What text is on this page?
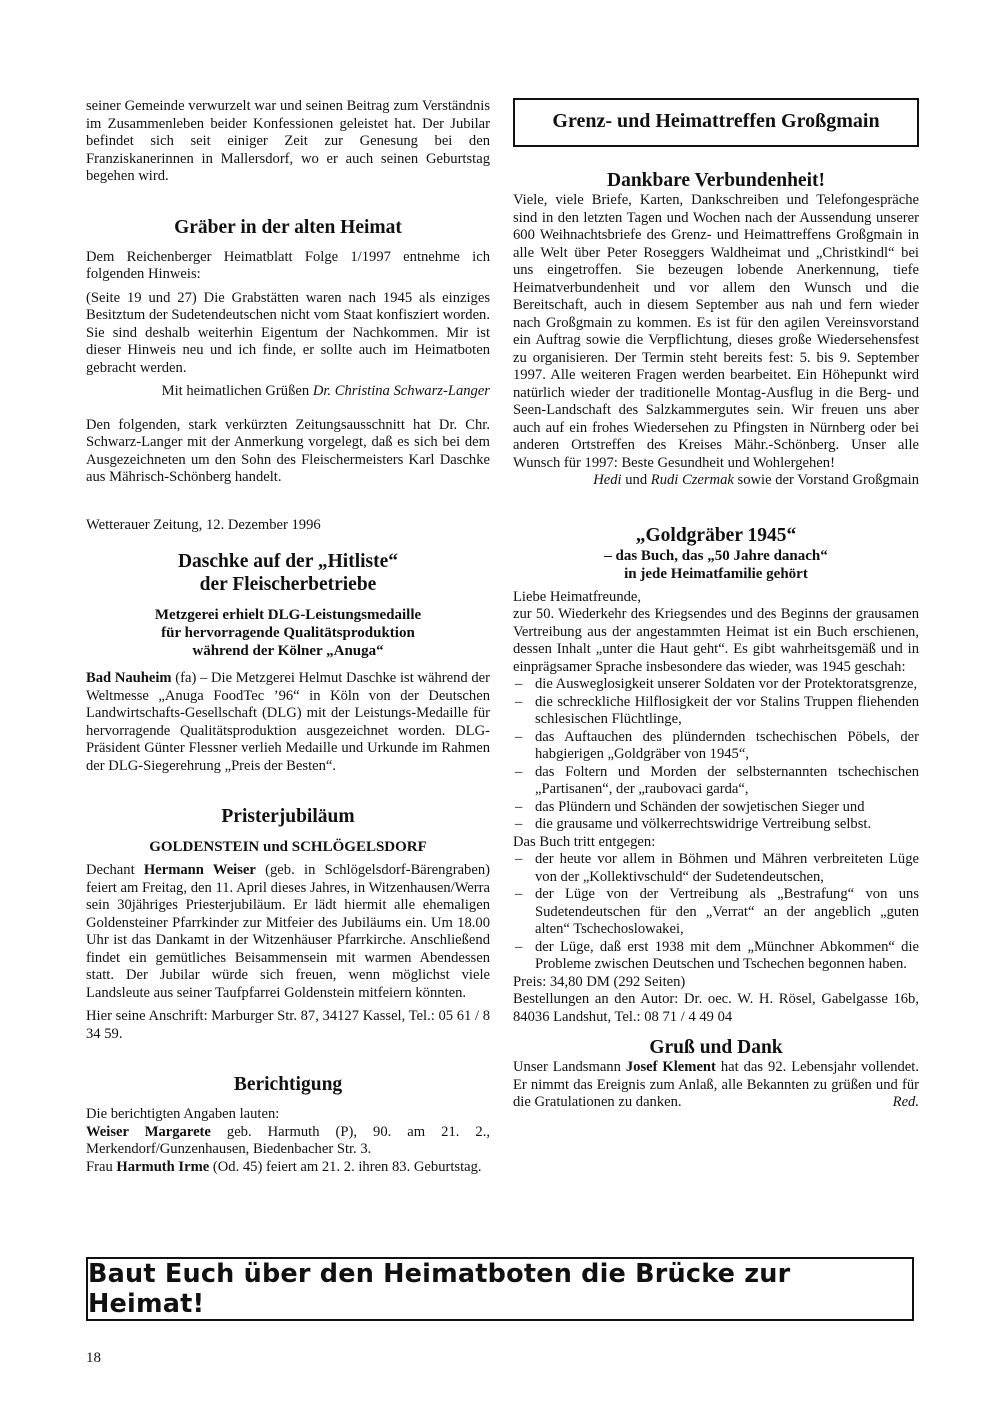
seiner Gemeinde verwurzelt war und seinen Beitrag zum Verständnis im Zusammenleben beider Konfessionen geleistet hat. Der Jubilar befindet sich seit einiger Zeit zur Genesung bei den Franziskanerinnen in Mallersdorf, wo er auch seinen Geburtstag begehen wird.

Gräber in der alten Heimat

Dem Reichenberger Heimatblatt Folge 1/1997 entnehme ich folgenden Hinweis:

(Seite 19 und 27) Die Grabstätten waren nach 1945 als einziges Besitztum der Sudetendeutschen nicht vom Staat konfisziert worden. Sie sind deshalb weiterhin Eigentum der Nachkommen. Mir ist dieser Hinweis neu und ich finde, er sollte auch im Heimatboten gebracht werden.

Mit heimatlichen Grüßen Dr. Christina Schwarz-Langer

Den folgenden, stark verkürzten Zeitungsausschnitt hat Dr. Chr. Schwarz-Langer mit der Anmerkung vorgelegt, daß es sich bei dem Ausgezeichneten um den Sohn des Fleischermeisters Karl Daschke aus Mährisch-Schönberg handelt.

Wetterauer Zeitung, 12. Dezember 1996

Daschke auf der „Hitliste“
der Fleischerbetriebe
Metzgerei erhielt DLG-Leistungsmedaille
für hervorragende Qualitätsproduktion
während der Kölner „Anuga“

Bad Nauheim (fa) – Die Metzgerei Helmut Daschke ist während der Weltmesse „Anuga FoodTec ’96“ in Köln von der Deutschen Landwirtschafts-Gesellschaft (DLG) mit der Leistungs-Medaille für hervorragende Qualitätsproduktion ausgezeichnet worden. DLG-Präsident Günter Flessner verlieh Medaille und Urkunde im Rahmen der DLG-Siegerehrung „Preis der Besten“.

Pristerjubiläum
GOLDENSTEIN und SCHLÖGELSDORF

Dechant Hermann Weiser (geb. in Schlögelsdorf-Bärengraben) feiert am Freitag, den 11. April dieses Jahres, in Witzenhausen/Werra sein 30jähriges Priesterjubiläum. Er lädt hiermit alle ehemaligen Goldensteiner Pfarrkinder zur Mitfeier des Jubiläums ein. Um 18.00 Uhr ist das Dankamt in der Witzenhäuser Pfarrkirche. Anschließend findet ein gemütliches Beisammensein mit warmen Abendessen statt. Der Jubilar würde sich freuen, wenn möglichst viele Landsleute aus seiner Taufpfarrei Goldenstein mitfeiern könnten.

Hier seine Anschrift: Marburger Str. 87, 34127 Kassel, Tel.: 05 61 / 8 34 59.

Berichtigung

Die berichtigten Angaben lauten:

Weiser Margarete geb. Harmuth (P), 90. am 21. 2., Merkendorf/Gunzenhausen, Biedenbacher Str. 3.

Frau Harmuth Irme (Od. 45) feiert am 21. 2. ihren 83. Geburtstag.

Grenz- und Heimattreffen Großgmain
Dankbare Verbundenheit!

Viele, viele Briefe, Karten, Dankschreiben und Telefongespräche sind in den letzten Tagen und Wochen nach der Aussendung unserer 600 Weihnachtsbriefe des Grenz- und Heimattreffens Großgmain in alle Welt über Peter Roseggers Waldheimat und „Christkindl“ bei uns eingetroffen. Sie bezeugen lobende Anerkennung, tiefe Heimatverbundenheit und vor allem den Wunsch und die Bereitschaft, auch in diesem September aus nah und fern wieder nach Großgmain zu kommen. Es ist für den agilen Vereinsvorstand ein Auftrag sowie die Verpflichtung, dieses große Wiedersehensfest zu organisieren. Der Termin steht bereits fest: 5. bis 9. September 1997. Alle weiteren Fragen werden bearbeitet. Ein Höhepunkt wird natürlich wieder der traditionelle Montag-Ausflug in die Berg- und Seen-Landschaft des Salzkammergutes sein. Wir freuen uns aber auch auf ein frohes Wiedersehen zu Pfingsten in Nürnberg oder bei anderen Ortstreffen des Kreises Mähr.-Schönberg. Unser alle Wunsch für 1997: Beste Gesundheit und Wohlergehen!

Hedi und Rudi Czermak sowie der Vorstand Großgmain

„Goldgräber 1945“
– das Buch, das „50 Jahre danach“
in jede Heimatfamilie gehört

Liebe Heimatfreunde,

zur 50. Wiederkehr des Kriegsendes und des Beginns der grausamen Vertreibung aus der angestammten Heimat ist ein Buch erschienen, dessen Inhalt „unter die Haut geht“. Es gibt wahrheitsgemäß und in einprägsamer Sprache insbesondere das wieder, was 1945 geschah:

– die Ausweglosigkeit unserer Soldaten vor der Protektoratsgrenze,
– die schreckliche Hilflosigkeit der vor Stalins Truppen fliehenden schlesischen Flüchtlinge,
– das Auftauchen des plündernden tschechischen Pöbels, der habgierigen „Goldgräber von 1945“,
– das Foltern und Morden der selbsternannten tschechischen „Partisanen“, der „raubovaci garda“,
– das Plündern und Schänden der sowjetischen Sieger und
– die grausame und völkerrechtswidrige Vertreibung selbst.

Das Buch tritt entgegen:

– der heute vor allem in Böhmen und Mähren verbreiteten Lüge von der „Kollektivschuld“ der Sudetendeutschen,
– der Lüge von der Vertreibung als „Bestrafung“ von uns Sudetendeutschen für den „Verrat“ an der angeblich „guten alten“ Tschechoslowakei,
– der Lüge, daß erst 1938 mit dem „Münchner Abkommen“ die Probleme zwischen Deutschen und Tschechen begonnen haben.

Preis: 34,80 DM (292 Seiten)

Bestellungen an den Autor: Dr. oec. W. H. Rösel, Gabelgasse 16b, 84036 Landshut, Tel.: 08 71 / 4 49 04

Gruß und Dank

Unser Landsmann Josef Klement hat das 92. Lebensjahr vollendet. Er nimmt das Ereignis zum Anlaß, alle Bekannten zu grüßen und für die Gratulationen zu danken.	Red.

Baut Euch über den Heimatboten die Brücke zur Heimat!
18
